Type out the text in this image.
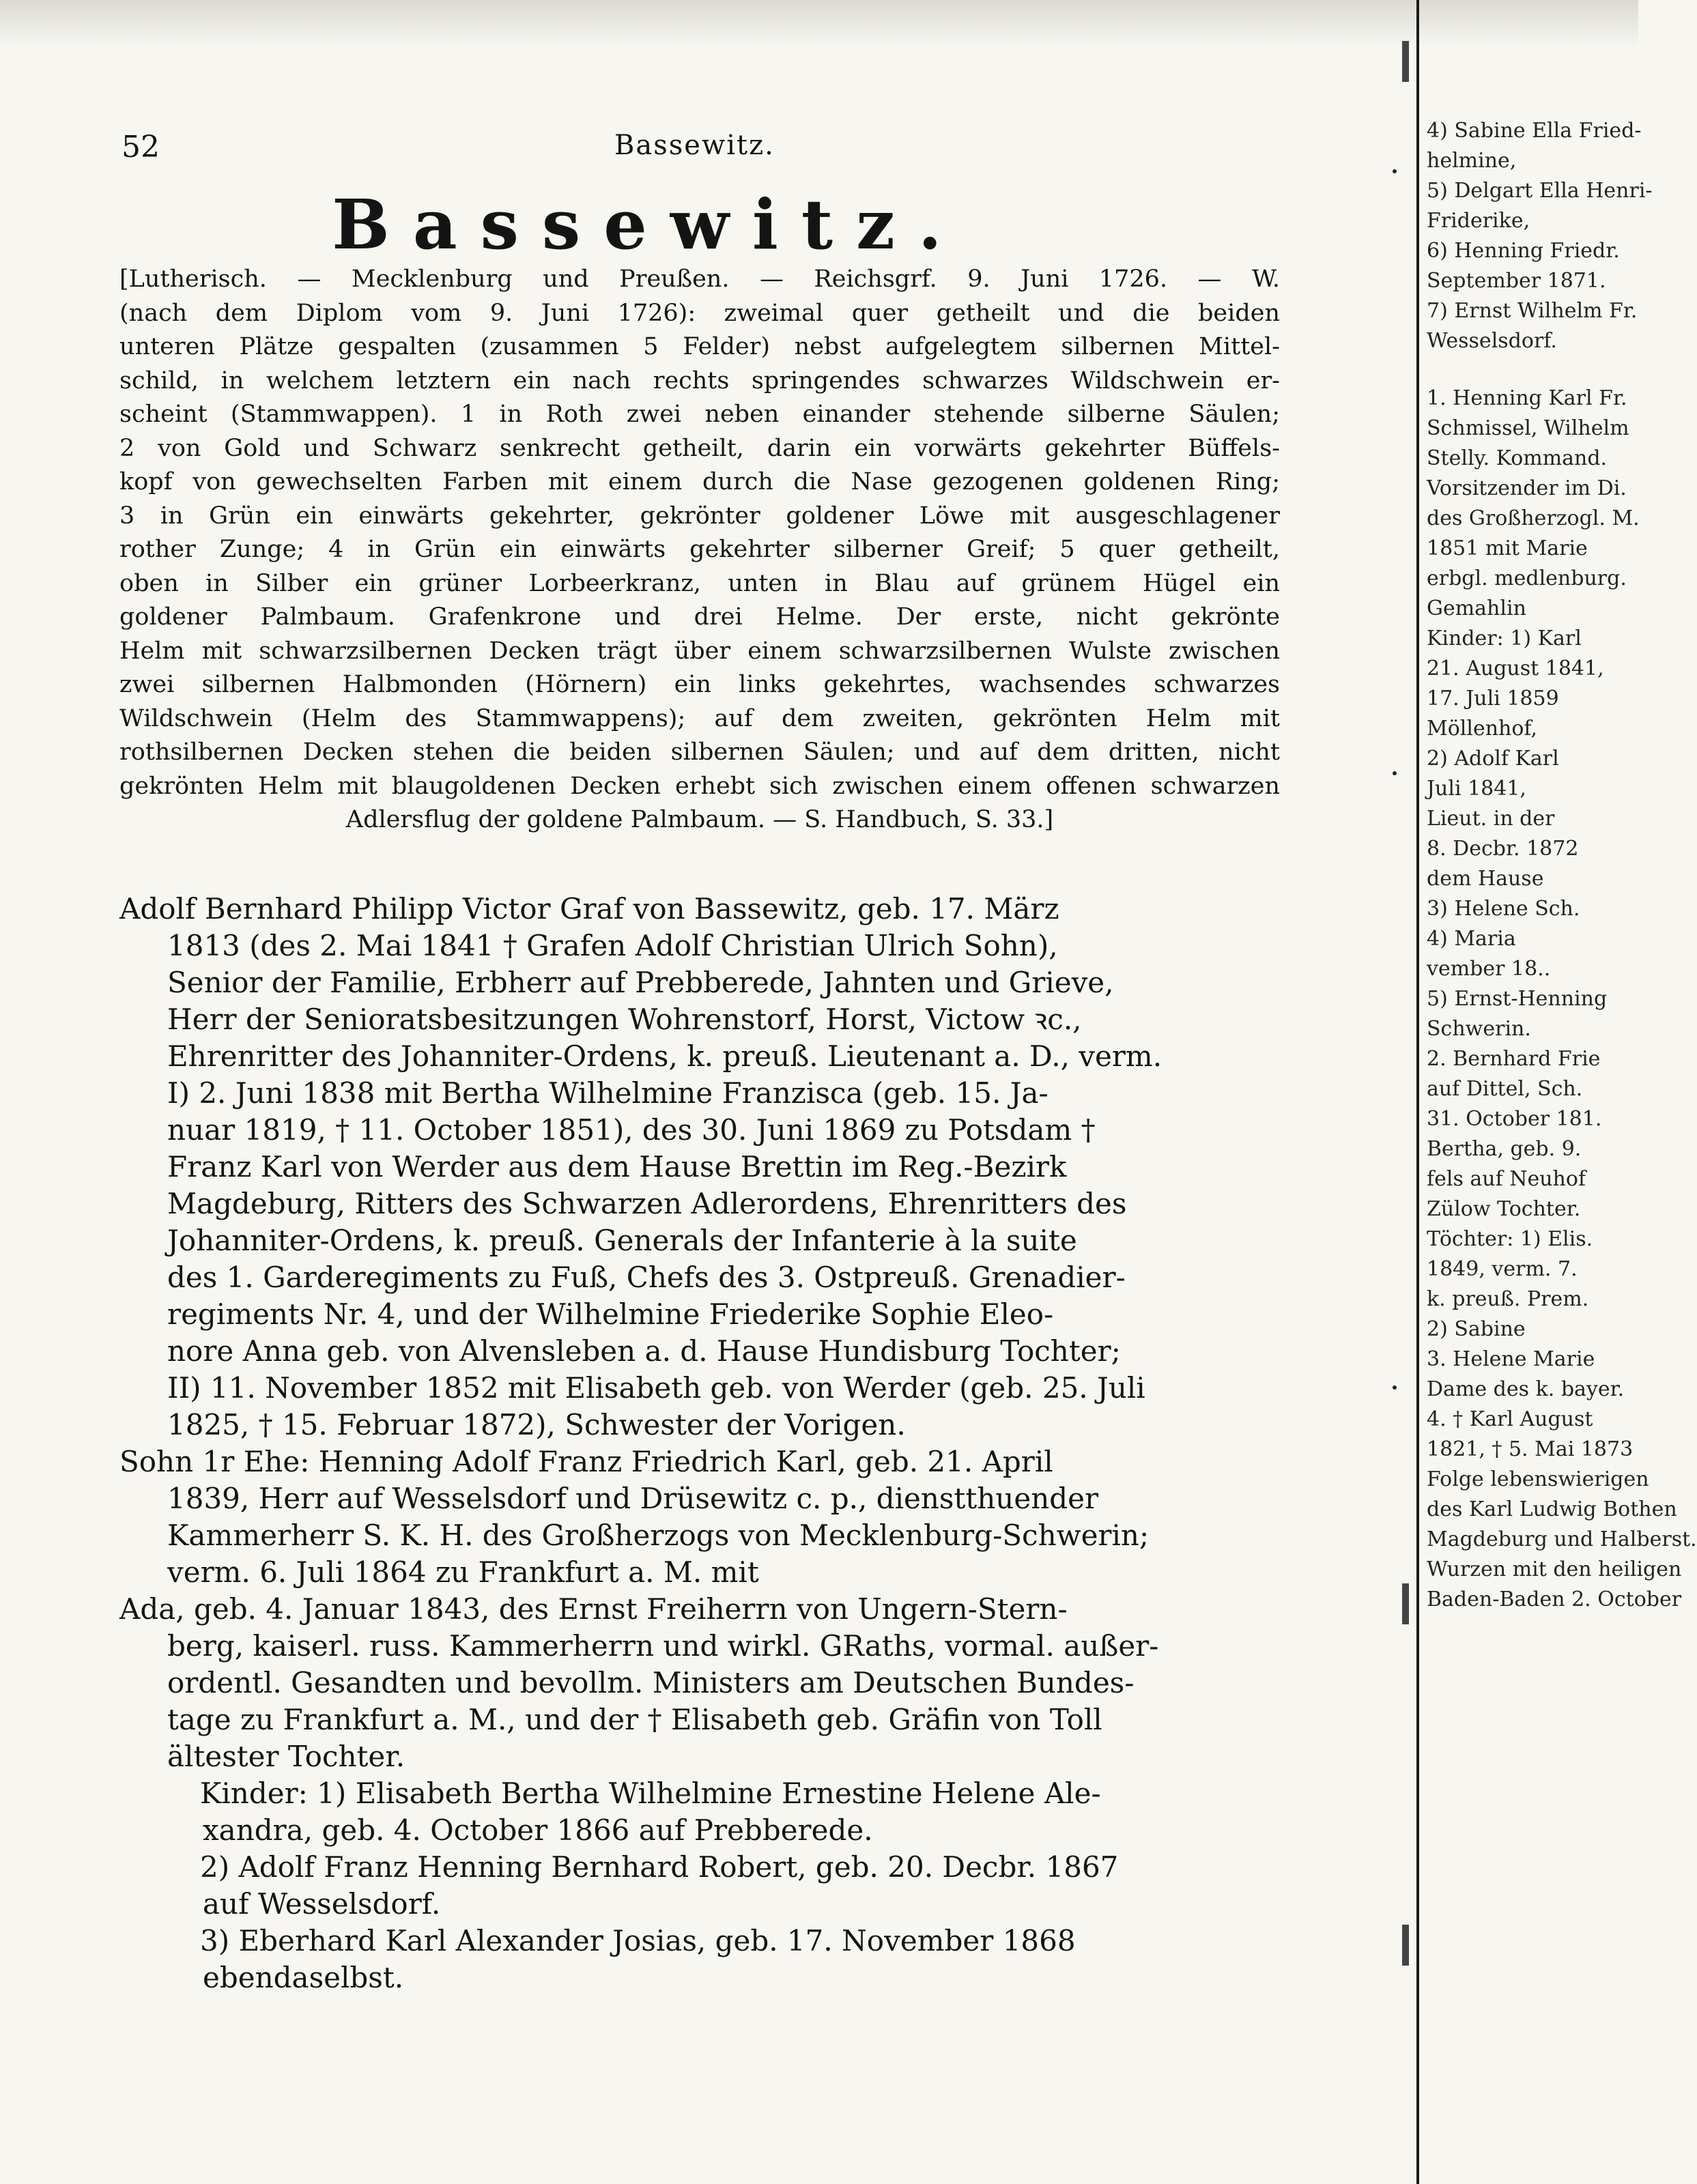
52	Bassewitz.
Bassewitz.

[Lutherisch. — Mecklenburg und Preußen. — Reichsgrf. 9. Juni 1726. — W.

(nach dem Diplom vom 9. Juni 1726): zweimal quer getheilt und die beiden

unteren Plätze gespalten (zusammen 5 Felder) nebst aufgelegtem silbernen Mittel-

schild, in welchem letztern ein nach rechts springendes schwarzes Wildschwein er-

scheint (Stammwappen). 1 in Roth zwei neben einander stehende silberne Säulen;

2 von Gold und Schwarz senkrecht getheilt, darin ein vorwärts gekehrter Büffels-

kopf von gewechselten Farben mit einem durch die Nase gezogenen goldenen Ring;

3 in Grün ein einwärts gekehrter, gekrönter goldener Löwe mit ausgeschlagener

rother Zunge; 4 in Grün ein einwärts gekehrter silberner Greif; 5 quer getheilt,

oben in Silber ein grüner Lorbeerkranz, unten in Blau auf grünem Hügel ein

goldener Palmbaum. Grafenkrone und drei Helme. Der erste, nicht gekrönte

Helm mit schwarzsilbernen Decken trägt über einem schwarzsilbernen Wulste zwischen

zwei silbernen Halbmonden (Hörnern) ein links gekehrtes, wachsendes schwarzes

Wildschwein (Helm des Stammwappens); auf dem zweiten, gekrönten Helm mit

rothsilbernen Decken stehen die beiden silbernen Säulen; und auf dem dritten, nicht

gekrönten Helm mit blaugoldenen Decken erhebt sich zwischen einem offenen schwarzen

Adlersflug der goldene Palmbaum. — S. Handbuch, S. 33.]

Adolf Bernhard Philipp Victor Graf von Bassewitz, geb. 17. März

1813 (des 2. Mai 1841 † Grafen Adolf Christian Ulrich Sohn),

Senior der Familie, Erbherr auf Prebberede, Jahnten und Grieve,

Herr der Senioratsbesitzungen Wohrenstorf, Horst, Victow ꝛc.,

Ehrenritter des Johanniter-Ordens, k. preuß. Lieutenant a. D., verm.

I) 2. Juni 1838 mit Bertha Wilhelmine Franzisca (geb. 15. Ja-

nuar 1819, † 11. October 1851), des 30. Juni 1869 zu Potsdam †

Franz Karl von Werder aus dem Hause Brettin im Reg.-Bezirk

Magdeburg, Ritters des Schwarzen Adlerordens, Ehrenritters des

Johanniter-Ordens, k. preuß. Generals der Infanterie à la suite

des 1. Garderegiments zu Fuß, Chefs des 3. Ostpreuß. Grenadier-

regiments Nr. 4, und der Wilhelmine Friederike Sophie Eleo-

nore Anna geb. von Alvensleben a. d. Hause Hundisburg Tochter;

II) 11. November 1852 mit Elisabeth geb. von Werder (geb. 25. Juli

1825, † 15. Februar 1872), Schwester der Vorigen.

Sohn 1r Ehe: Henning Adolf Franz Friedrich Karl, geb. 21. April

1839, Herr auf Wesselsdorf und Drüsewitz c. p., dienstthuender

Kammerherr S. K. H. des Großherzogs von Mecklenburg-Schwerin;

verm. 6. Juli 1864 zu Frankfurt a. M. mit

Ada, geb. 4. Januar 1843, des Ernst Freiherrn von Ungern-Stern-

berg, kaiserl. russ. Kammerherrn und wirkl. GRaths, vormal. außer-

ordentl. Gesandten und bevollm. Ministers am Deutschen Bundes-

tage zu Frankfurt a. M., und der † Elisabeth geb. Gräfin von Toll

ältester Tochter.

Kinder: 1) Elisabeth Bertha Wilhelmine Ernestine Helene Ale-

xandra, geb. 4. October 1866 auf Prebberede.

2) Adolf Franz Henning Bernhard Robert, geb. 20. Decbr. 1867

auf Wesselsdorf.

3) Eberhard Karl Alexander Josias, geb. 17. November 1868

ebendaselbst.

4) Sabine Ella Fried-

helmine,

5) Delgart Ella Henri-

Friderike,

6) Henning Friedr.

September 1871.

7) Ernst Wilhelm Fr.

Wesselsdorf.

1. Henning Karl Fr.

Schmissel, Wilhelm

Stelly. Kommand.

Vorsitzender im Di.

des Großherzogl. M.

1851 mit Marie

erbgl. medlenburg.

Gemahlin

Kinder: 1) Karl

21. August 1841,

17. Juli 1859

Möllenhof,

2) Adolf Karl

Juli 1841,

Lieut. in der

8. Decbr. 1872

dem Hause

3) Helene Sch.

4) Maria

vember 18..

5) Ernst-Henning

Schwerin.

2. Bernhard Frie

auf Dittel, Sch.

31. October 181.

Bertha, geb. 9.

fels auf Neuhof

Zülow Tochter.

Töchter: 1) Elis.

1849, verm. 7.

k. preuß. Prem.

2) Sabine

3. Helene Marie

Dame des k. bayer.

4. † Karl August

1821, † 5. Mai 1873

Folge lebenswierigen

des Karl Ludwig Bothen

Magdeburg und Halberst.

Wurzen mit den heiligen

Baden-Baden 2. October
